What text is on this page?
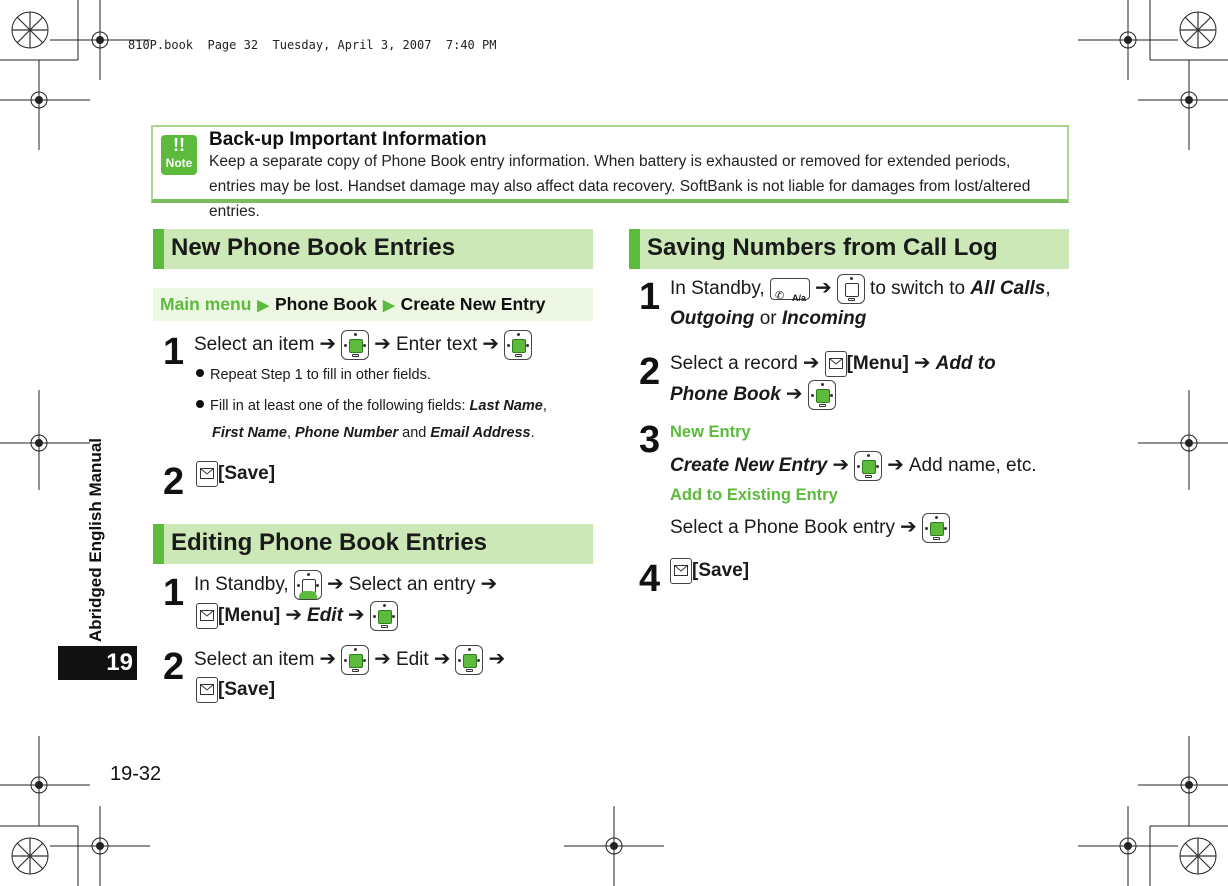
810P.book  Page 32  Tuesday, April 3, 2007  7:40 PM
Abridged English Manual
19
19-32
!!
Note
Back-up Important Information
Keep a separate copy of Phone Book entry information. When battery is exhausted or removed for extended periods, entries may be lost. Handset damage may also affect data recovery. SoftBank is not liable for damages from lost/altered entries.
New Phone Book Entries
Main menu ▶ Phone Book ▶ Create New Entry
1 Select an item ➔ ➔ Enter text ➔
Repeat Step 1 to fill in other fields.
Fill in at least one of the following fields: Last Name,
First Name, Phone Number and Email Address.
2	[Save]
Editing Phone Book Entries
1 In Standby, ➔ Select an entry ➔
[Menu] ➔ Edit ➔
2 Select an item ➔ ➔ Edit ➔ ➔
[Save]
Saving Numbers from Call Log
1 In Standby, ✆ A/a ➔ to switch to All Calls,
Outgoing or Incoming
2 Select a record ➔ [Menu] ➔ Add to
Phone Book ➔
3 New Entry
Create New Entry ➔ ➔ Add name, etc.
Add to Existing Entry
Select a Phone Book entry ➔
4	[Save]
